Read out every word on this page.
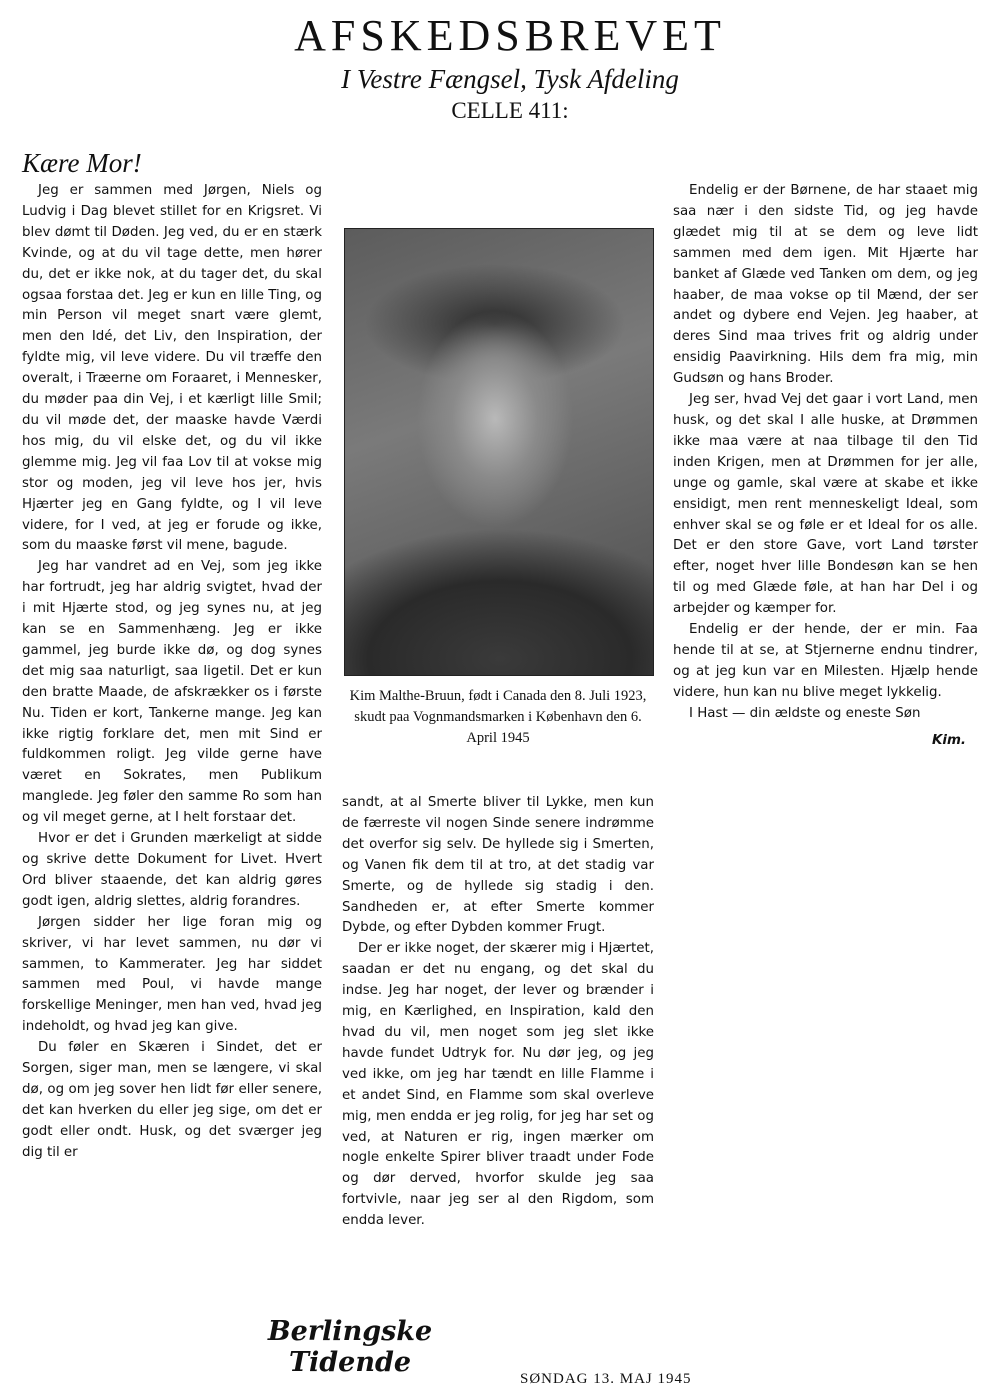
AFSKEDSBREVET
I Vestre Fængsel, Tysk Afdeling
CELLE 411:
Kære Mor!

Jeg er sammen med Jørgen, Niels og Ludvig i Dag blevet stillet for en Krigsret. Vi blev dømt til Døden. Jeg ved, du er en stærk Kvinde, og at du vil tage dette, men hører du, det er ikke nok, at du tager det, du skal ogsaa forstaa det. Jeg er kun en lille Ting, og min Person vil meget snart være glemt, men den Idé, det Liv, den Inspiration, der fyldte mig, vil leve videre. Du vil træffe den overalt, i Træerne om Foraaret, i Mennesker, du møder paa din Vej, i et kærligt lille Smil; du vil møde det, der maaske havde Værdi hos mig, du vil elske det, og du vil ikke glemme mig. Jeg vil faa Lov til at vokse mig stor og moden, jeg vil leve hos jer, hvis Hjærter jeg en Gang fyldte, og I vil leve videre, for I ved, at jeg er forude og ikke, som du maaske først vil mene, bagude.

Jeg har vandret ad en Vej, som jeg ikke har fortrudt, jeg har aldrig svigtet, hvad der i mit Hjærte stod, og jeg synes nu, at jeg kan se en Sammenhæng. Jeg er ikke gammel, jeg burde ikke dø, og dog synes det mig saa naturligt, saa ligetil. Det er kun den bratte Maade, de afskrækker os i første Nu. Tiden er kort, Tankerne mange. Jeg kan ikke rigtig forklare det, men mit Sind er fuldkommen roligt. Jeg vilde gerne have været en Sokrates, men Publikum manglede. Jeg føler den samme Ro som han og vil meget gerne, at I helt forstaar det.

Hvor er det i Grunden mærkeligt at sidde og skrive dette Dokument for Livet. Hvert Ord bliver staaende, det kan aldrig gøres godt igen, aldrig slettes, aldrig forandres.

Jørgen sidder her lige foran mig og skriver, vi har levet sammen, nu dør vi sammen, to Kammerater. Jeg har siddet sammen med Poul, vi havde mange forskellige Meninger, men han ved, hvad jeg indeholdt, og hvad jeg kan give.

Du føler en Skæren i Sindet, det er Sorgen, siger man, men se længere, vi skal dø, og om jeg sover hen lidt før eller senere, det kan hverken du eller jeg sige, om det er godt eller ondt. Husk, og det sværger jeg dig til er

Kim Malthe-Bruun, født i Canada den 8. Juli 1923, skudt paa Vognmandsmarken i København den 6. April 1945

sandt, at al Smerte bliver til Lykke, men kun de færreste vil nogen Sinde senere indrømme det overfor sig selv. De hyllede sig i Smerten, og Vanen fik dem til at tro, at det stadig var Smerte, og de hyllede sig stadig i den. Sandheden er, at efter Smerte kommer Dybde, og efter Dybden kommer Frugt.

Der er ikke noget, der skærer mig i Hjærtet, saadan er det nu engang, og det skal du indse. Jeg har noget, der lever og brænder i mig, en Kærlighed, en Inspiration, kald den hvad du vil, men noget som jeg slet ikke havde fundet Udtryk for. Nu dør jeg, og jeg ved ikke, om jeg har tændt en lille Flamme i et andet Sind, en Flamme som skal overleve mig, men endda er jeg rolig, for jeg har set og ved, at Naturen er rig, ingen mærker om nogle enkelte Spirer bliver traadt under Fode og dør derved, hvorfor skulde jeg saa fortvivle, naar jeg ser al den Rigdom, som endda lever.

Endelig er der Børnene, de har staaet mig saa nær i den sidste Tid, og jeg havde glædet mig til at se dem og leve lidt sammen med dem igen. Mit Hjærte har banket af Glæde ved Tanken om dem, og jeg haaber, de maa vokse op til Mænd, der ser andet og dybere end Vejen. Jeg haaber, at deres Sind maa trives frit og aldrig under ensidig Paavirkning. Hils dem fra mig, min Gudsøn og hans Broder.

Jeg ser, hvad Vej det gaar i vort Land, men husk, og det skal I alle huske, at Drømmen ikke maa være at naa tilbage til den Tid inden Krigen, men at Drømmen for jer alle, unge og gamle, skal være at skabe et ikke ensidigt, men rent menneskeligt Ideal, som enhver skal se og føle er et Ideal for os alle. Det er den store Gave, vort Land tørster efter, noget hver lille Bondesøn kan se hen til og med Glæde føle, at han har Del i og arbejder og kæmper for.

Endelig er der hende, der er min. Faa hende til at se, at Stjernerne endnu tindrer, og at jeg kun var en Milesten. Hjælp hende videre, hun kan nu blive meget lykkelig.

I Hast — din ældste og eneste Søn

Kim.
Berlingske Tidende
SØNDAG 13. MAJ 1945
